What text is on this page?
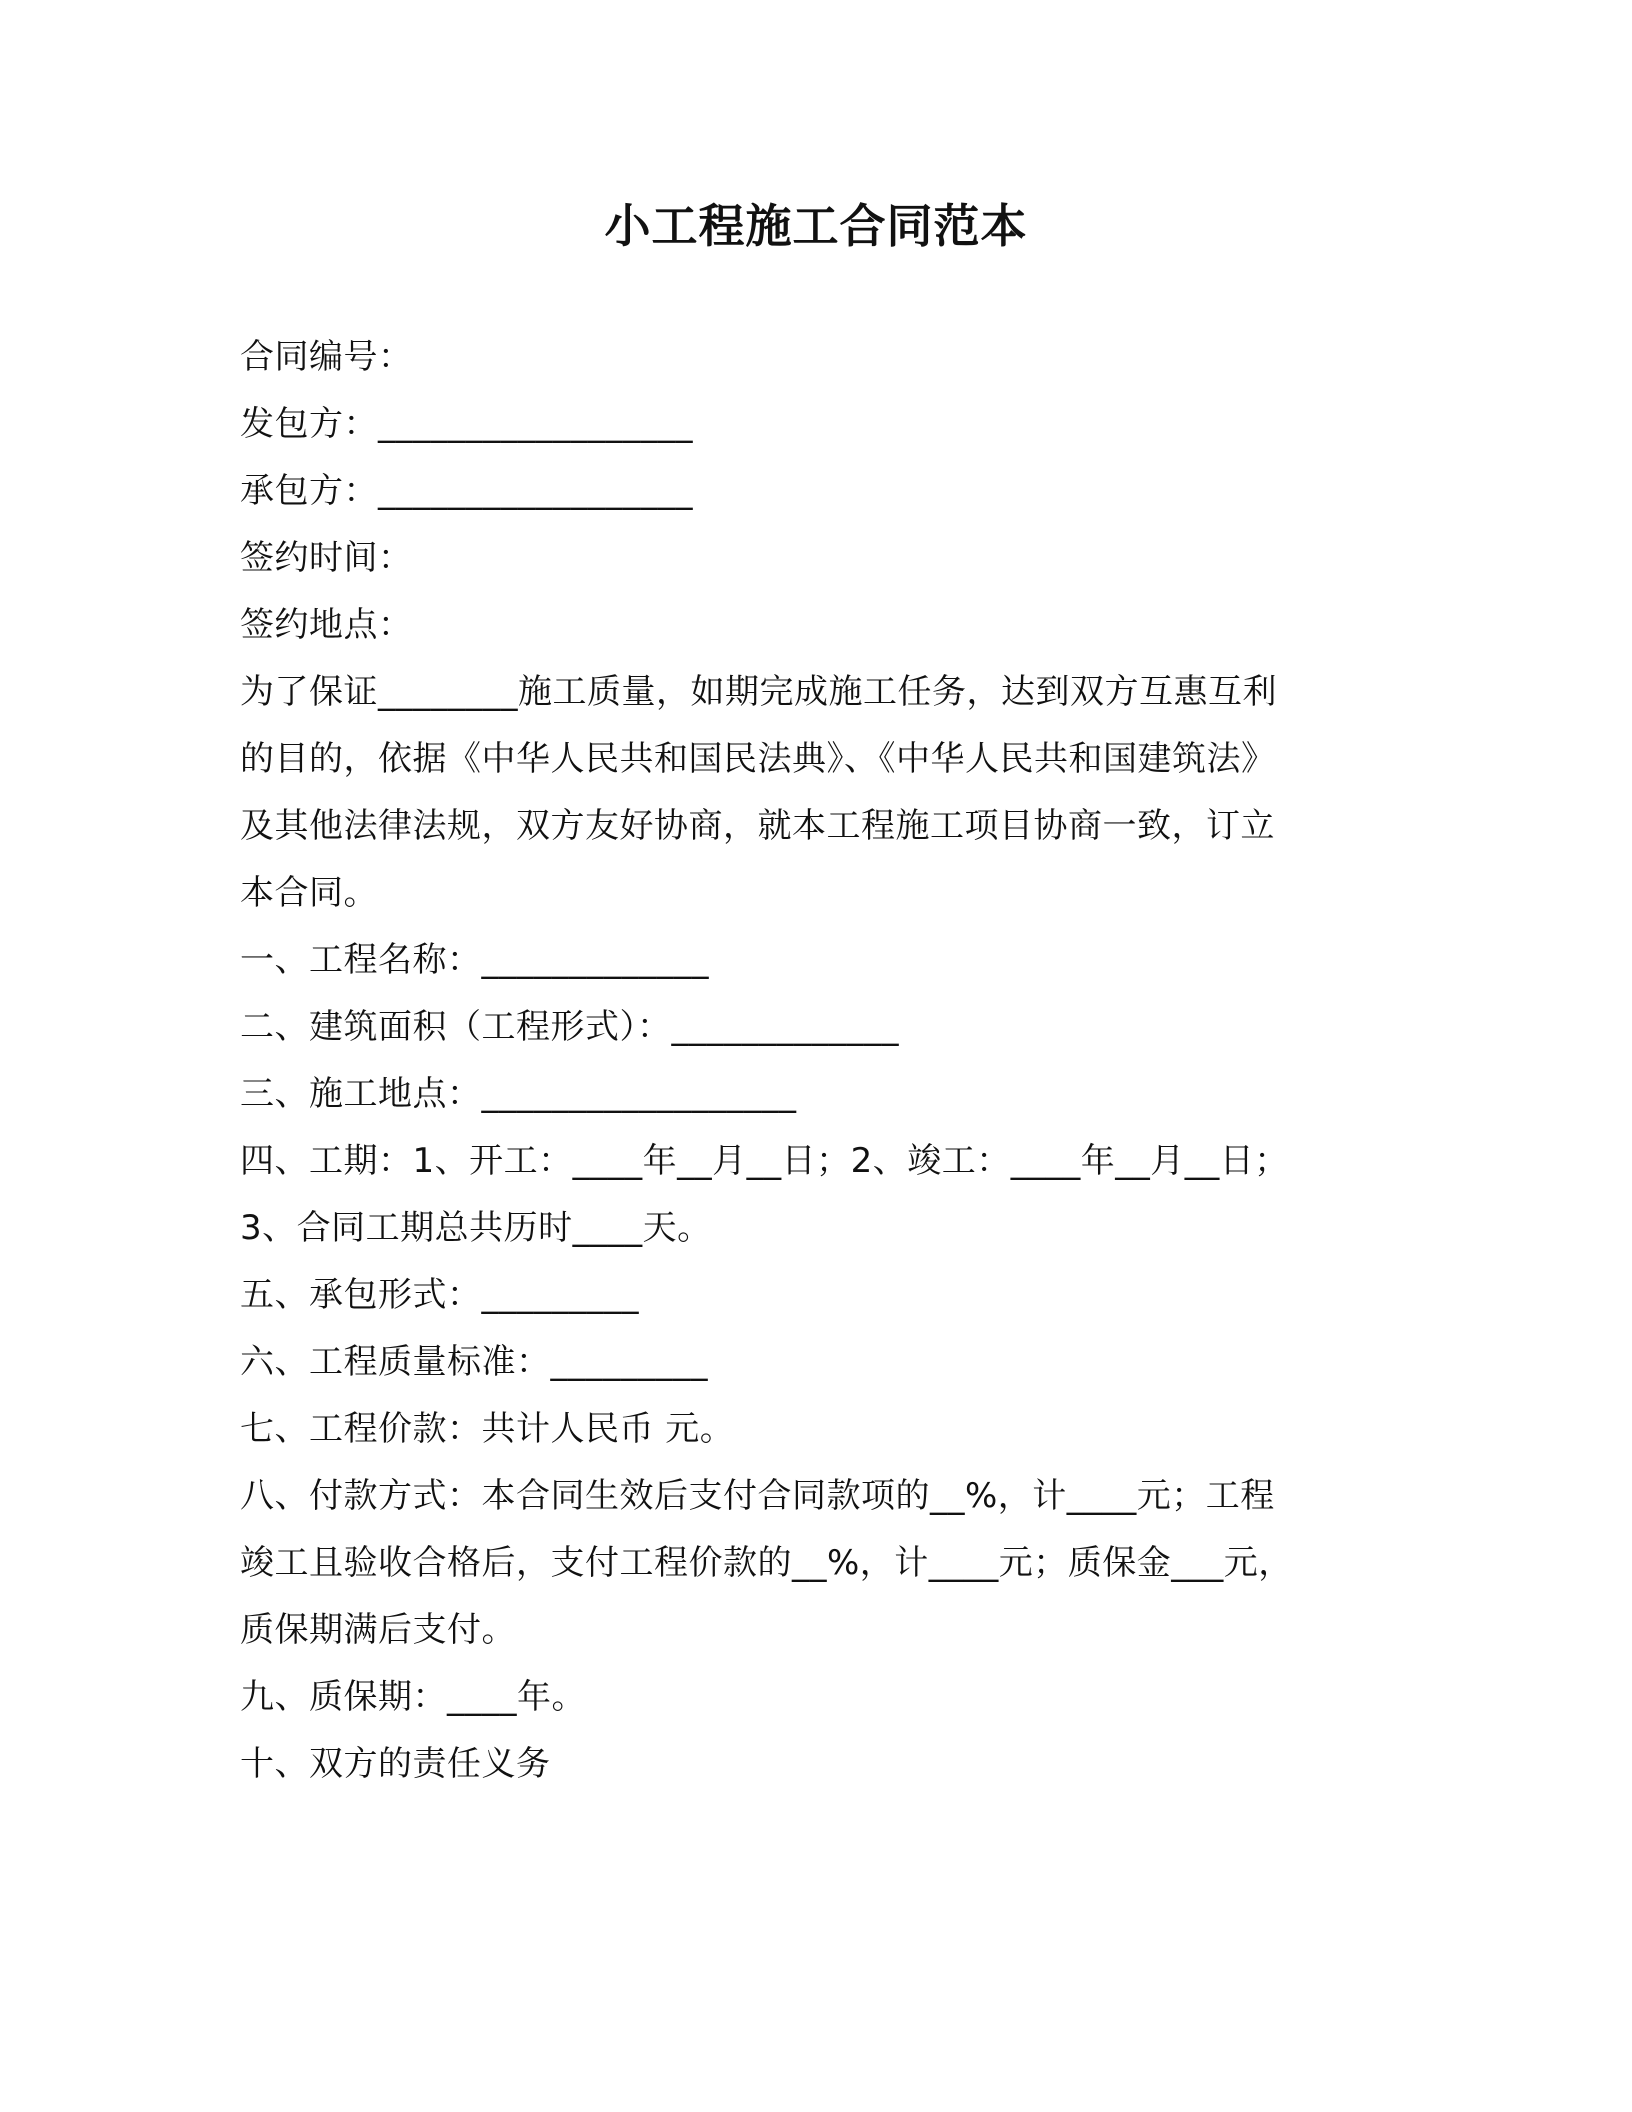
小工程施工合同范本

合同编号：

发包方：__________________

承包方：__________________

签约时间：

签约地点：

为了保证________施工质量，如期完成施工任务，达到双方互惠互利

的目的，依据《中华人民共和国民法典》、《中华人民共和国建筑法》

及其他法律法规，双方友好协商，就本工程施工项目协商一致，订立

本合同。

一、工程名称：_____________

二、建筑面积（工程形式）：_____________

三、施工地点：__________________

四、工期：1、开工：____年__月__日；2、竣工：____年__月__日；

3、合同工期总共历时____天。

五、承包形式：_________

六、工程质量标准：_________

七、工程价款：共计人民币 元。

八、付款方式：本合同生效后支付合同款项的__%，计____元；工程

竣工且验收合格后，支付工程价款的__%，计____元；质保金___元，

质保期满后支付。

九、质保期：____年。

十、双方的责任义务
